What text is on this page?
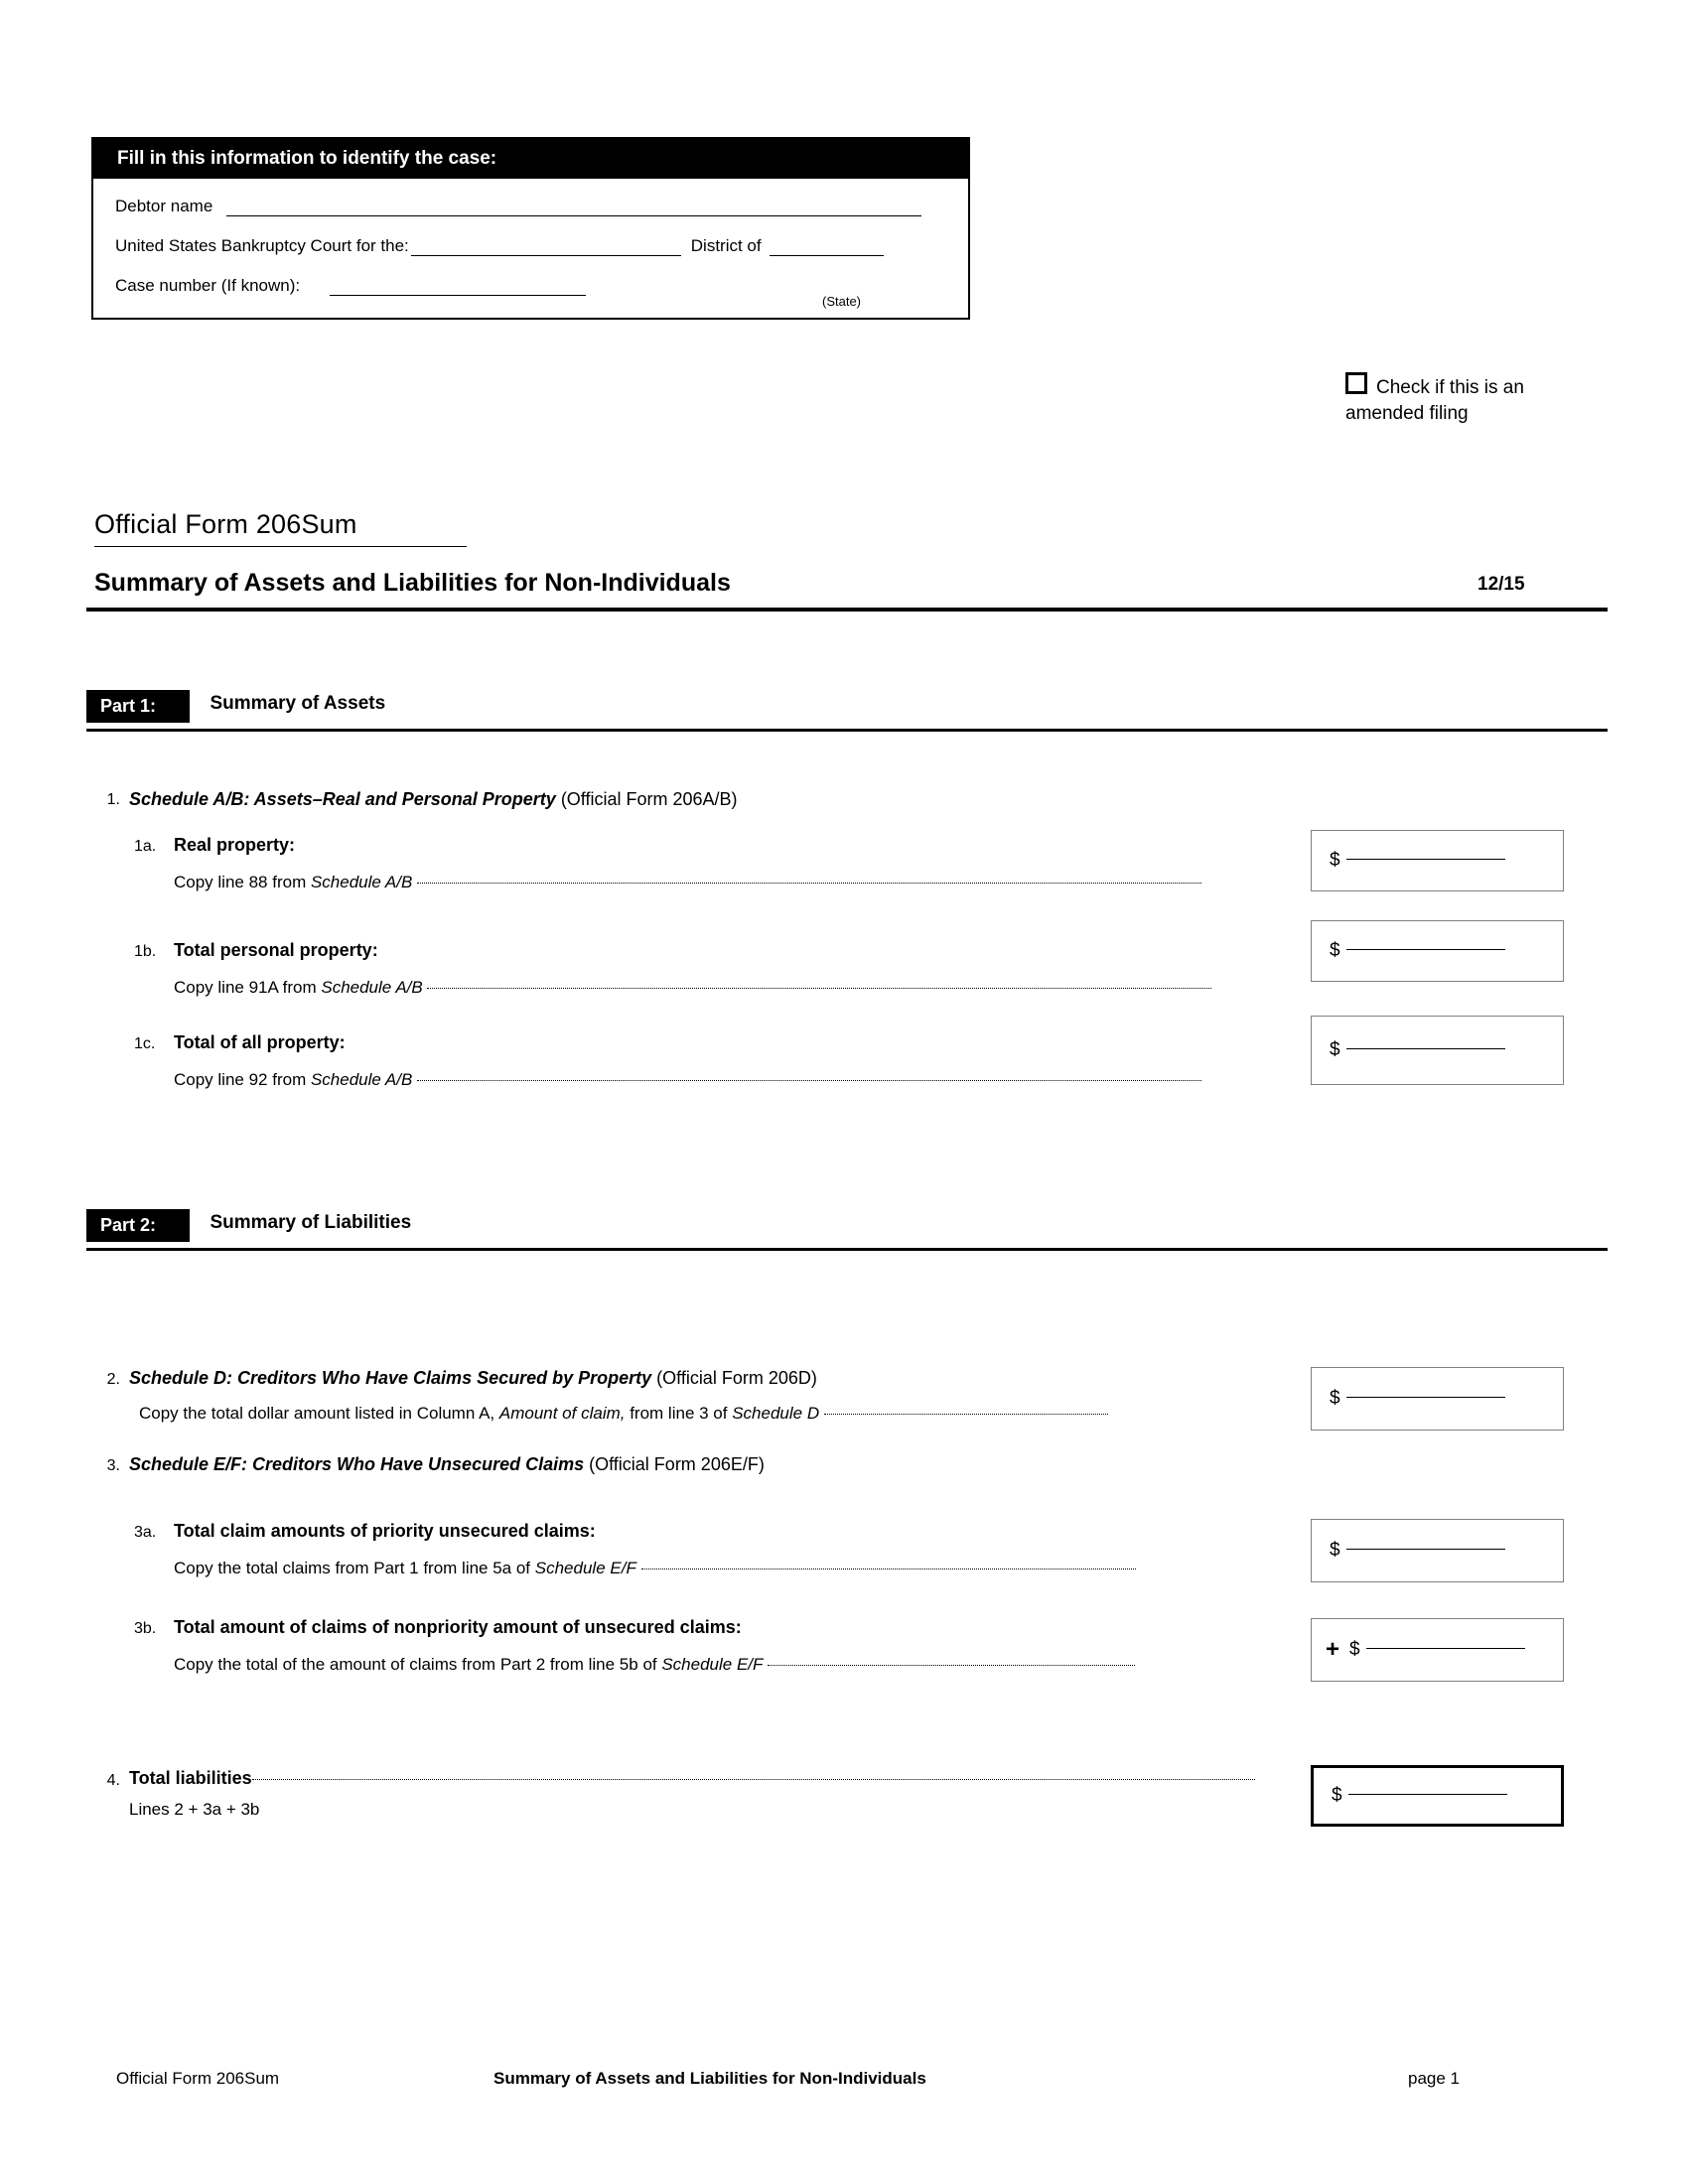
Fill in this information to identify the case:
Debtor name
United States Bankruptcy Court for the:	District of
Case number (If known):
(State)
Check if this is an amended filing
Official Form 206Sum
Summary of Assets and Liabilities for Non-Individuals	12/15
Part 1:	Summary of Assets
1. Schedule A/B: Assets–Real and Personal Property (Official Form 206A/B)
1a. Real property:
Copy line 88 from Schedule A/B
$
1b. Total personal property:
Copy line 91A from Schedule A/B
$
1c.	Total of all property:
Copy line 92 from Schedule A/B
$
Part 2:	Summary of Liabilities
2. Schedule D: Creditors Who Have Claims Secured by Property (Official Form 206D)
Copy the total dollar amount listed in Column A, Amount of claim, from line 3 of Schedule D
$
3. Schedule E/F: Creditors Who Have Unsecured Claims (Official Form 206E/F)
3a. Total claim amounts of priority unsecured claims:
Copy the total claims from Part 1 from line 5a of Schedule E/F
$
3b. Total amount of claims of nonpriority amount of unsecured claims:
Copy the total of the amount of claims from Part 2 from line 5b of Schedule E/F
+ $
4. Total liabilities
Lines 2 + 3a + 3b
$
Official Form 206Sum	Summary of Assets and Liabilities for Non-Individuals	page 1
